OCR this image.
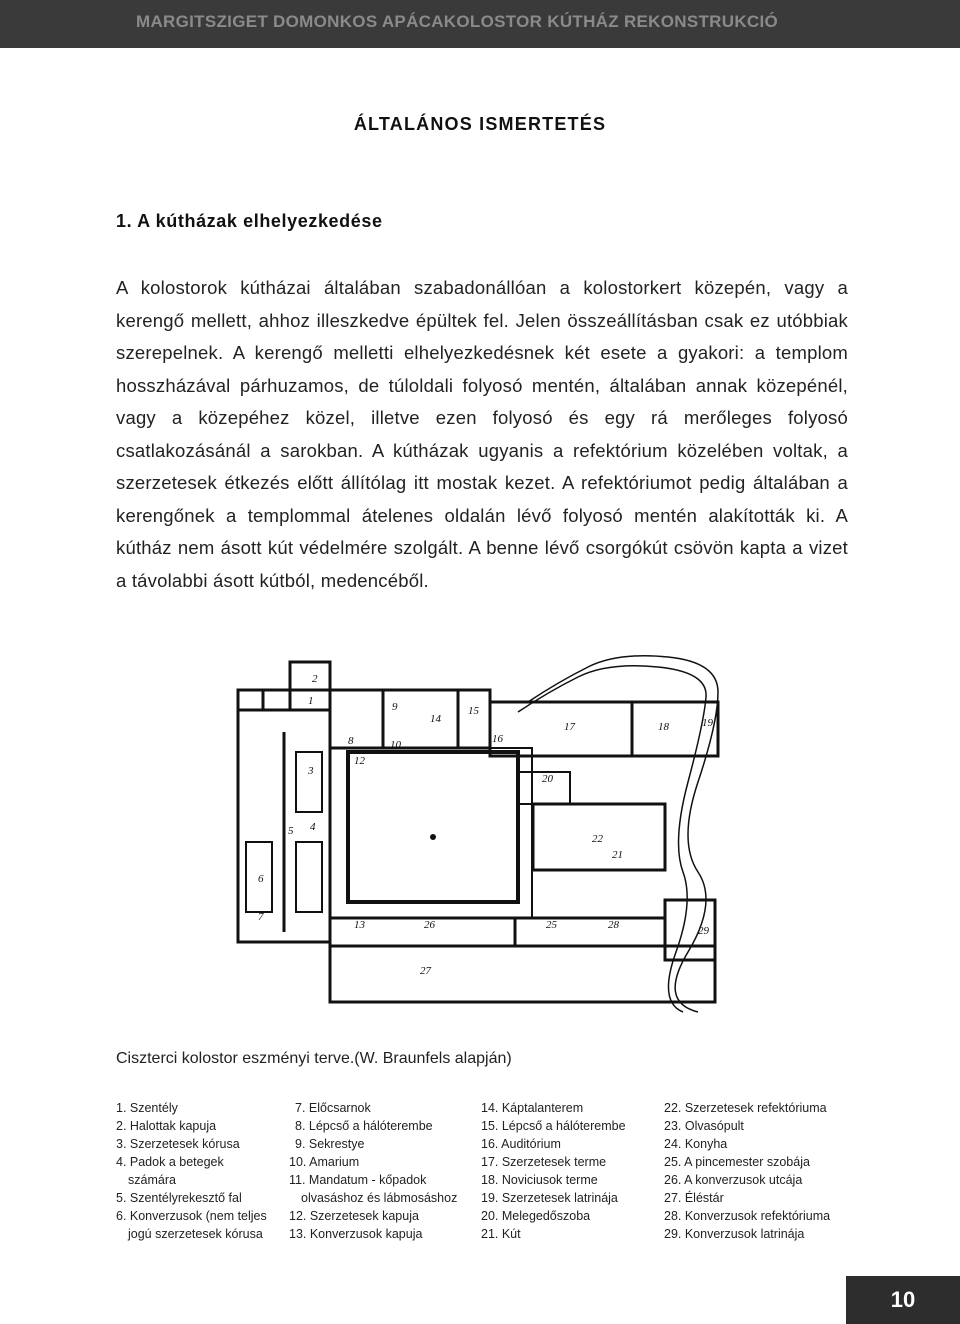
MARGITSZIGET DOMONKOS APÁCAKOLOSTOR KÚTHÁZ REKONSTRUKCIÓ
ÁLTALÁNOS ISMERTETÉS
1. A kútházak elhelyezkedése
A kolostorok kútházai általában szabadonállóan a kolostorkert közepén, vagy a kerengő mellett, ahhoz illeszkedve épültek fel. Jelen összeállításban csak ez utóbbiak szerepelnek. A kerengő melletti elhelyezkedésnek két esete a gyakori: a templom hosszházával párhuzamos, de túloldali folyosó mentén, általában annak közepénél, vagy a közepéhez közel, illetve ezen folyosó és egy rá merőleges folyosó csatlakozásánál a sarokban. A kútházak ugyanis a refektórium közelében voltak, a szerzetesek étkezés előtt állítólag itt mostak kezet. A refektóriumot pedig általában a kerengőnek a templommal átelenes oldalán lévő folyosó mentén alakították ki. A kútház nem ásott kút védelmére szolgált. A benne lévő csorgókút csövön kapta a vizet a távolabbi ásott kútból, medencéből.
1
2
3
4
5
6
7
8
9
10
12
13
14
15
16
17	18	19
20
21
22
25
26
27
28	29
Ciszterci kolostor eszményi terve.(W. Braunfels alapján)
1. Szentély
2. Halottak kapuja
3. Szerzetesek kórusa
4. Padok a betegek
számára
5. Szentélyrekesztő fal
6. Konverzusok (nem teljes
jogú szerzetesek kórusa
7. Előcsarnok
8. Lépcső a hálóterembe
9. Sekrestye
10. Amarium
11. Mandatum - kőpadok
olvasáshoz és lábmosáshoz
12. Szerzetesek kapuja
13. Konverzusok kapuja
14. Káptalanterem
15. Lépcső a hálóterembe
16. Auditórium
17. Szerzetesek terme
18. Noviciusok terme
19. Szerzetesek latrinája
20. Melegedőszoba
21. Kút
22. Szerzetesek refektóriuma
23. Olvasópult
24. Konyha
25. A pincemester szobája
26. A konverzusok utcája
27. Éléstár
28. Konverzusok refektóriuma
29. Konverzusok latrinája
10
